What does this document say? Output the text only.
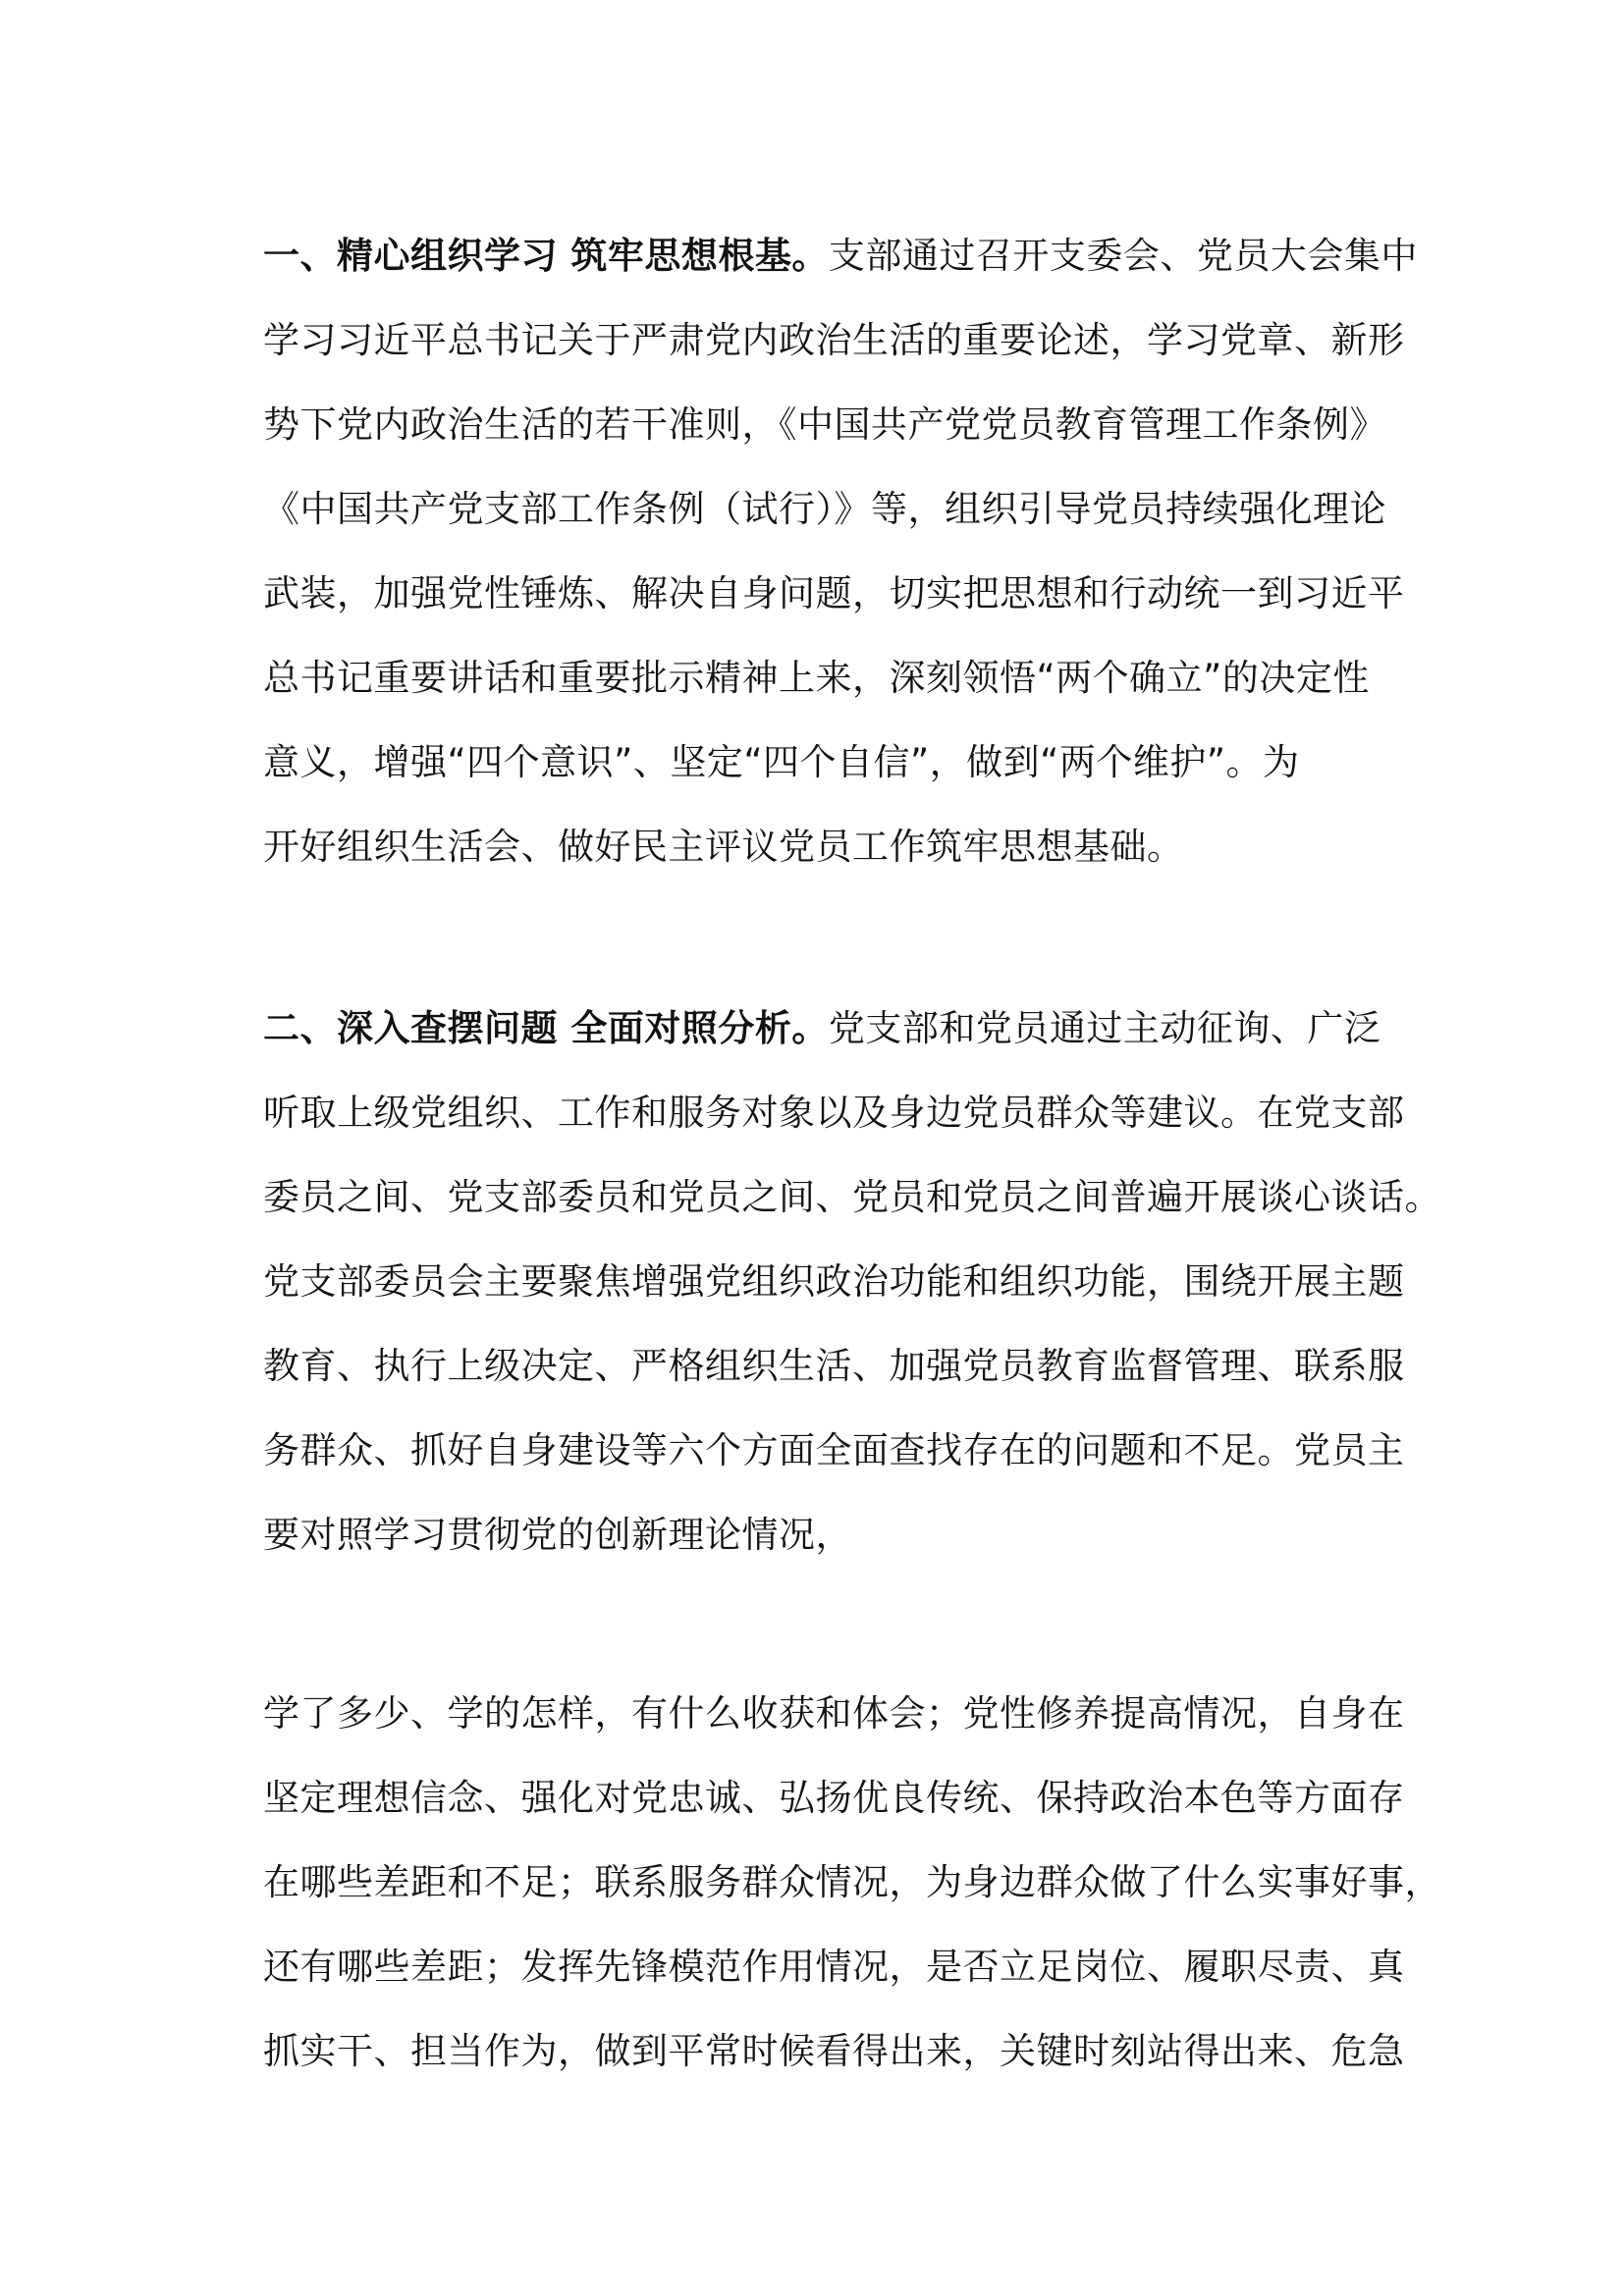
一、精心组织学习 筑牢思想根基。支部通过召开支委会、党员大会集中
学习习近平总书记关于严肃党内政治生活的重要论述，学习党章、新形
势下党内政治生活的若干准则，《中国共产党党员教育管理工作条例》
《中国共产党支部工作条例（试行）》等，组织引导党员持续强化理论
武装，加强党性锤炼、解决自身问题，切实把思想和行动统一到习近平
总书记重要讲话和重要批示精神上来，深刻领悟“两个确立”的决定性
意义，增强“四个意识”、坚定“四个自信”，做到“两个维护”。为
开好组织生活会、做好民主评议党员工作筑牢思想基础。
二、深入查摆问题 全面对照分析。党支部和党员通过主动征询、广泛
听取上级党组织、工作和服务对象以及身边党员群众等建议。在党支部
委员之间、党支部委员和党员之间、党员和党员之间普遍开展谈心谈话。
党支部委员会主要聚焦增强党组织政治功能和组织功能，围绕开展主题
教育、执行上级决定、严格组织生活、加强党员教育监督管理、联系服
务群众、抓好自身建设等六个方面全面查找存在的问题和不足。党员主
要对照学习贯彻党的创新理论情况，
学了多少、学的怎样，有什么收获和体会；党性修养提高情况，自身在
坚定理想信念、强化对党忠诚、弘扬优良传统、保持政治本色等方面存
在哪些差距和不足；联系服务群众情况，为身边群众做了什么实事好事，
还有哪些差距；发挥先锋模范作用情况，是否立足岗位、履职尽责、真
抓实干、担当作为，做到平常时候看得出来，关键时刻站得出来、危急
